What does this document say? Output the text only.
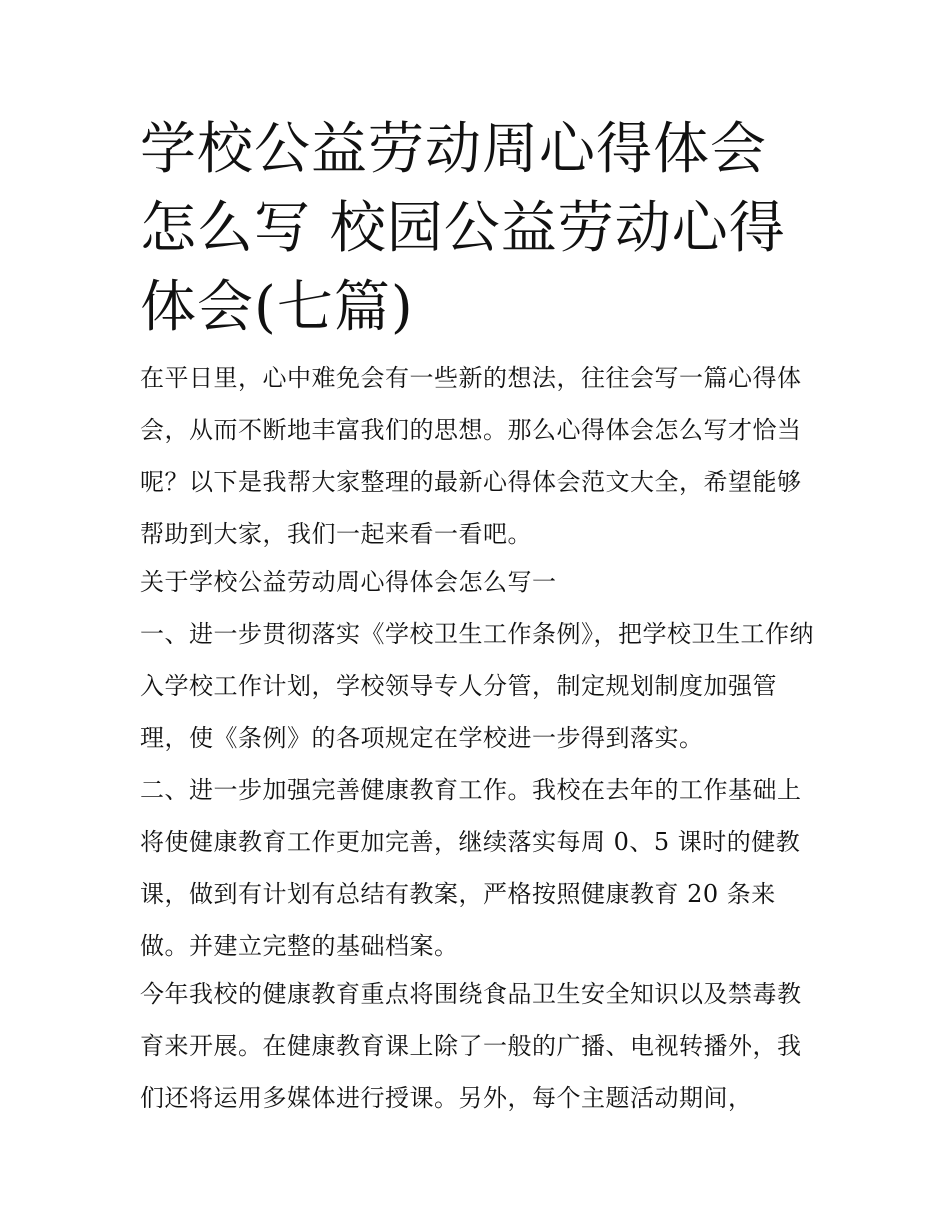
学校公益劳动周心得体会怎么写 校园公益劳动心得体会(七篇)

在平日里，心中难免会有一些新的想法，往往会写一篇心得体会，从而不断地丰富我们的思想。那么心得体会怎么写才恰当呢？以下是我帮大家整理的最新心得体会范文大全，希望能够帮助到大家，我们一起来看一看吧。

关于学校公益劳动周心得体会怎么写一

一、进一步贯彻落实《学校卫生工作条例》，把学校卫生工作纳入学校工作计划，学校领导专人分管，制定规划制度加强管理，使《条例》的各项规定在学校进一步得到落实。

二、进一步加强完善健康教育工作。我校在去年的工作基础上将使健康教育工作更加完善，继续落实每周 0、5 课时的健教课，做到有计划有总结有教案，严格按照健康教育 20 条来做。并建立完整的基础档案。

今年我校的健康教育重点将围绕食品卫生安全知识以及禁毒教育来开展。在健康教育课上除了一般的广播、电视转播外，我们还将运用多媒体进行授课。另外，每个主题活动期间，
